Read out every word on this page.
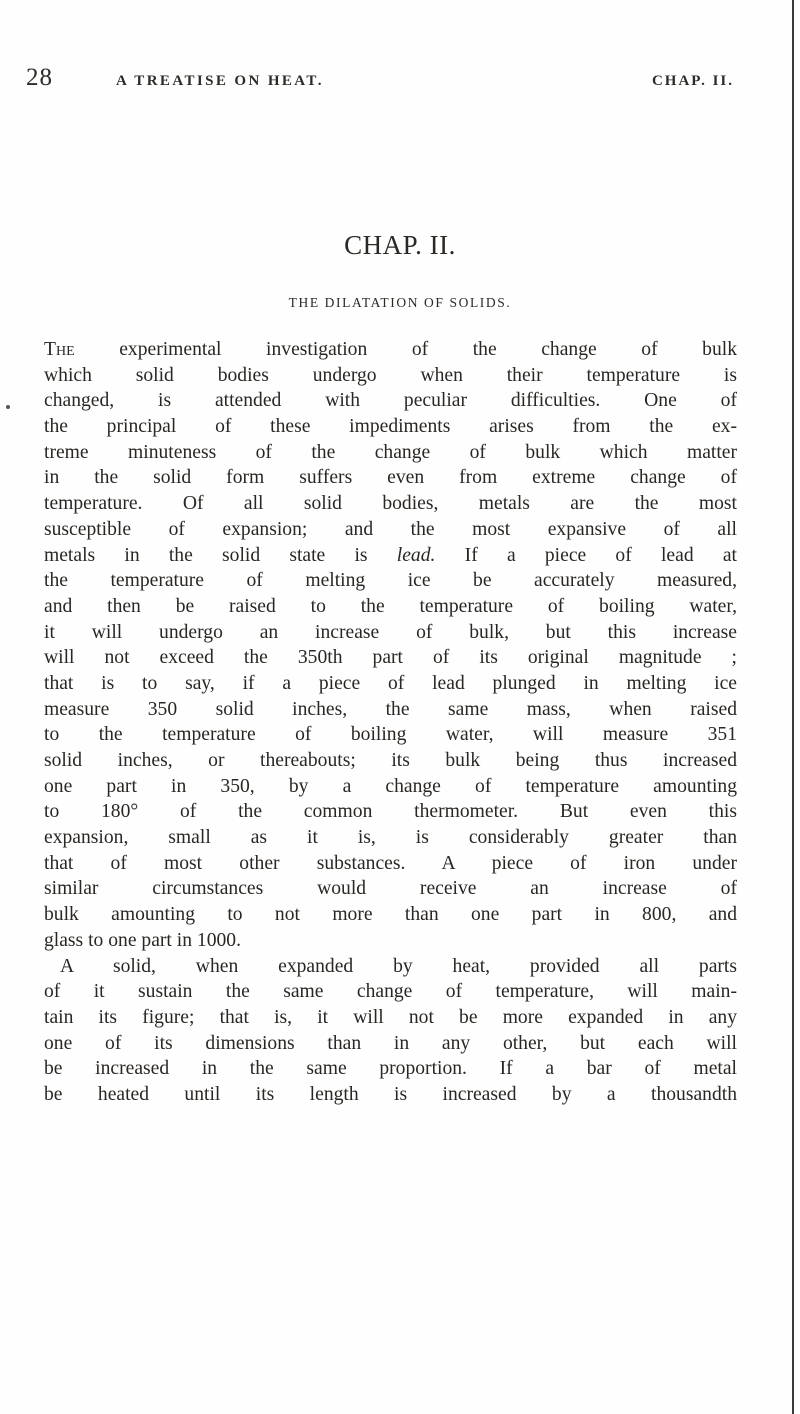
28	A TREATISE ON HEAT.	CHAP. II.
CHAP. II.
THE DILATATION OF SOLIDS.
The experimental investigation of the change of bulk
which solid bodies undergo when their temperature is
changed, is attended with peculiar difficulties. One of
the principal of these impediments arises from the ex-
treme minuteness of the change of bulk which matter
in the solid form suffers even from extreme change of
temperature. Of all solid bodies, metals are the most
susceptible of expansion; and the most expansive of all
metals in the solid state is lead. If a piece of lead at
the temperature of melting ice be accurately measured,
and then be raised to the temperature of boiling water,
it will undergo an increase of bulk, but this increase
will not exceed the 350th part of its original magnitude ;
that is to say, if a piece of lead plunged in melting ice
measure 350 solid inches, the same mass, when raised
to the temperature of boiling water, will measure 351
solid inches, or thereabouts; its bulk being thus increased
one part in 350, by a change of temperature amounting
to 180° of the common thermometer. But even this
expansion, small as it is, is considerably greater than
that of most other substances. A piece of iron under
similar circumstances would receive an increase of
bulk amounting to not more than one part in 800, and
glass to one part in 1000.
A solid, when expanded by heat, provided all parts
of it sustain the same change of temperature, will main-
tain its figure; that is, it will not be more expanded in any
one of its dimensions than in any other, but each will
be increased in the same proportion. If a bar of metal
be heated until its length is increased by a thousandth
